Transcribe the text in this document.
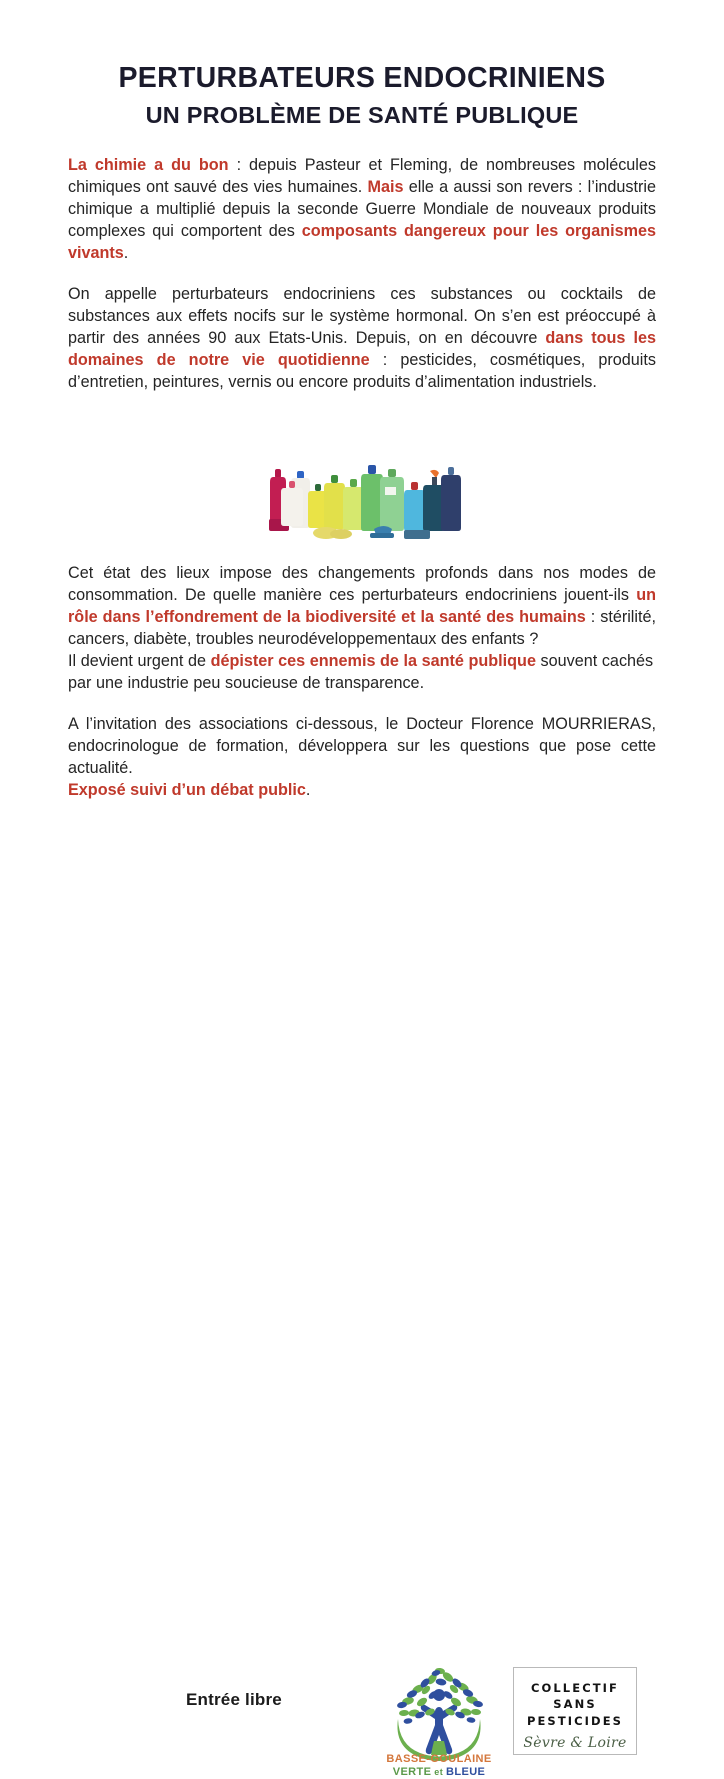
PERTURBATEURS ENDOCRINIENS
UN PROBLÈME DE SANTÉ PUBLIQUE

La chimie a du bon : depuis Pasteur et Fleming, de nombreuses molécules chimiques ont sauvé des vies humaines. Mais elle a aussi son revers : l’industrie chimique a multiplié depuis la seconde Guerre Mondiale de nouveaux produits complexes qui comportent des composants dangereux pour les organismes vivants.

On appelle perturbateurs endocriniens ces substances ou cocktails de substances aux effets nocifs sur le système hormonal. On s’en est préoccupé à partir des années 90 aux Etats-Unis. Depuis, on en découvre dans tous les domaines de notre vie quotidienne : pesticides, cosmétiques, produits d’entretien, peintures, vernis ou encore produits d’alimentation industriels.

Cet état des lieux impose des changements profonds dans nos modes de consommation. De quelle manière ces perturbateurs endocriniens jouent-ils un rôle dans l’effondrement de la biodiversité et la santé des humains : stérilité, cancers, diabète, troubles neurodéveloppementaux des enfants ?

Il devient urgent de dépister ces ennemis de la santé publique souvent cachés par une industrie peu soucieuse de transparence.

A l’invitation des associations ci-dessous, le Docteur Florence MOURRIERAS, endocrinologue de formation, développera sur les questions que pose cette actualité.

Exposé suivi d’un débat public.

Entrée libre
BASSE-GOULAINE
VERTE et BLEUE
COLLECTIF
SANS
PESTICIDES
Sèvre & Loire
